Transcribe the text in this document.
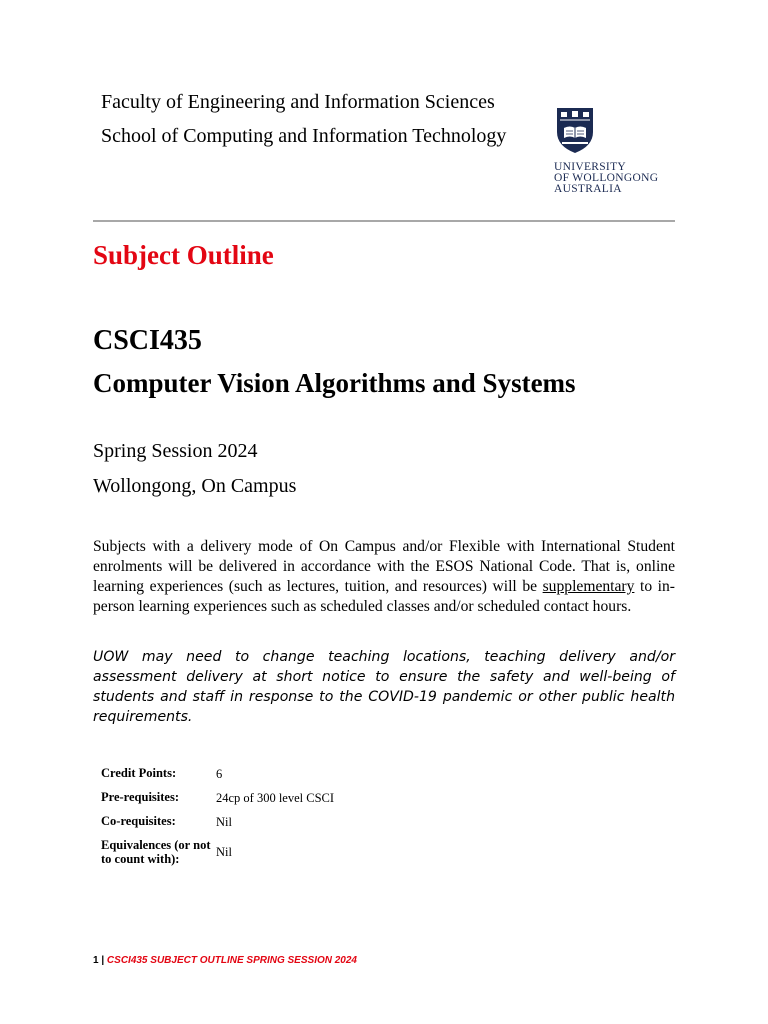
Faculty of Engineering and Information Sciences
School of Computing and Information Technology
UNIVERSITY
OF WOLLONGONG
AUSTRALIA
Subject Outline
CSCI435
Computer Vision Algorithms and Systems
Spring Session 2024
Wollongong, On Campus
Subjects with a delivery mode of On Campus and/or Flexible with International Student enrolments will be delivered in accordance with the ESOS National Code. That is, online learning experiences (such as lectures, tuition, and resources) will be supplementary to in-person learning experiences such as scheduled classes and/or scheduled contact hours.
UOW may need to change teaching locations, teaching delivery and/or assessment delivery at short notice to ensure the safety and well-being of students and staff in response to the COVID-19 pandemic or other public health requirements.
Credit Points:	6
Pre-requisites:	24cp of 300 level CSCI
Co-requisites:	Nil
Equivalences (or not to count with):	Nil
1 | CSCI435 SUBJECT OUTLINE SPRING SESSION 2024
